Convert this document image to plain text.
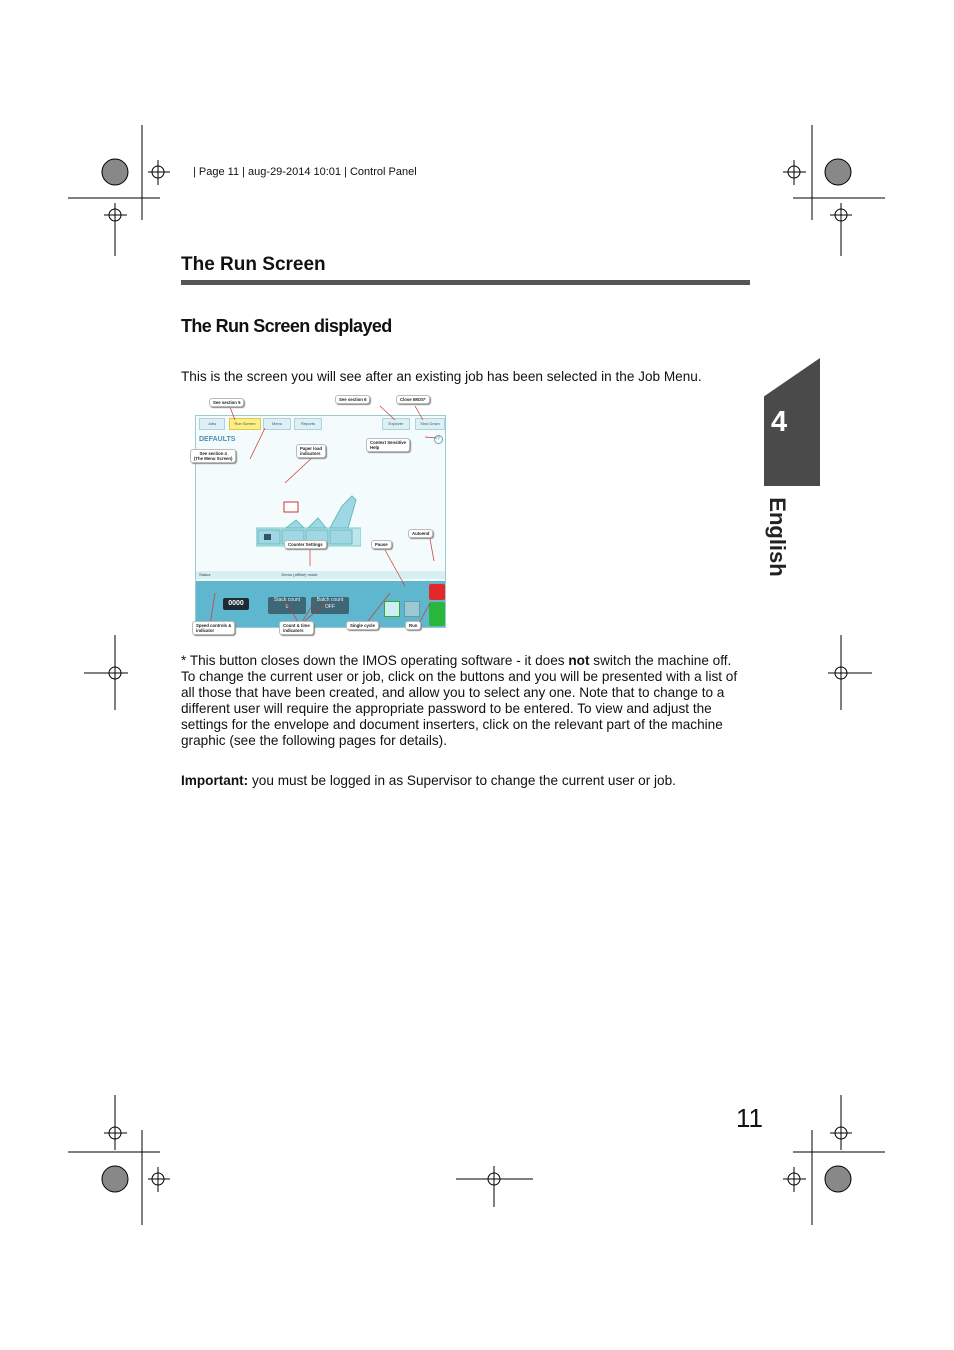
| Page 11 | aug-29-2014 10:01 | Control Panel
The Run Screen
The Run Screen displayed
This is the screen you will see after an existing job has been selected in the Job Menu.
Jobs	Run Screen	Menu	Reports	Explorer	Shut Down
DEFAULTS	?
Status	Demo (offline) mode
0000	Stack count
0
Batch count
OFF
See section 5
See section 6	Close IMOS*
See section 4
(The Menu Screen)
Paper load
indicators
Context Sensitive
Help
Autoend
Counter Settings	Pause
Speed controls &
indicator
Count & time
indicators
Single cycle	Run

* This button closes down the IMOS operating software - it does not switch the machine off.

To change the current user or job, click on the buttons and you will be presented with a list of all those that have been created, and allow you to select any one. Note that to change to a different user will require the appropriate password to be entered. To view and adjust the settings for the envelope and document inserters, click on the relevant part of the machine graphic (see the following pages for details).

Important: you must be logged in as Supervisor to change the current user or job.
4
English
11
